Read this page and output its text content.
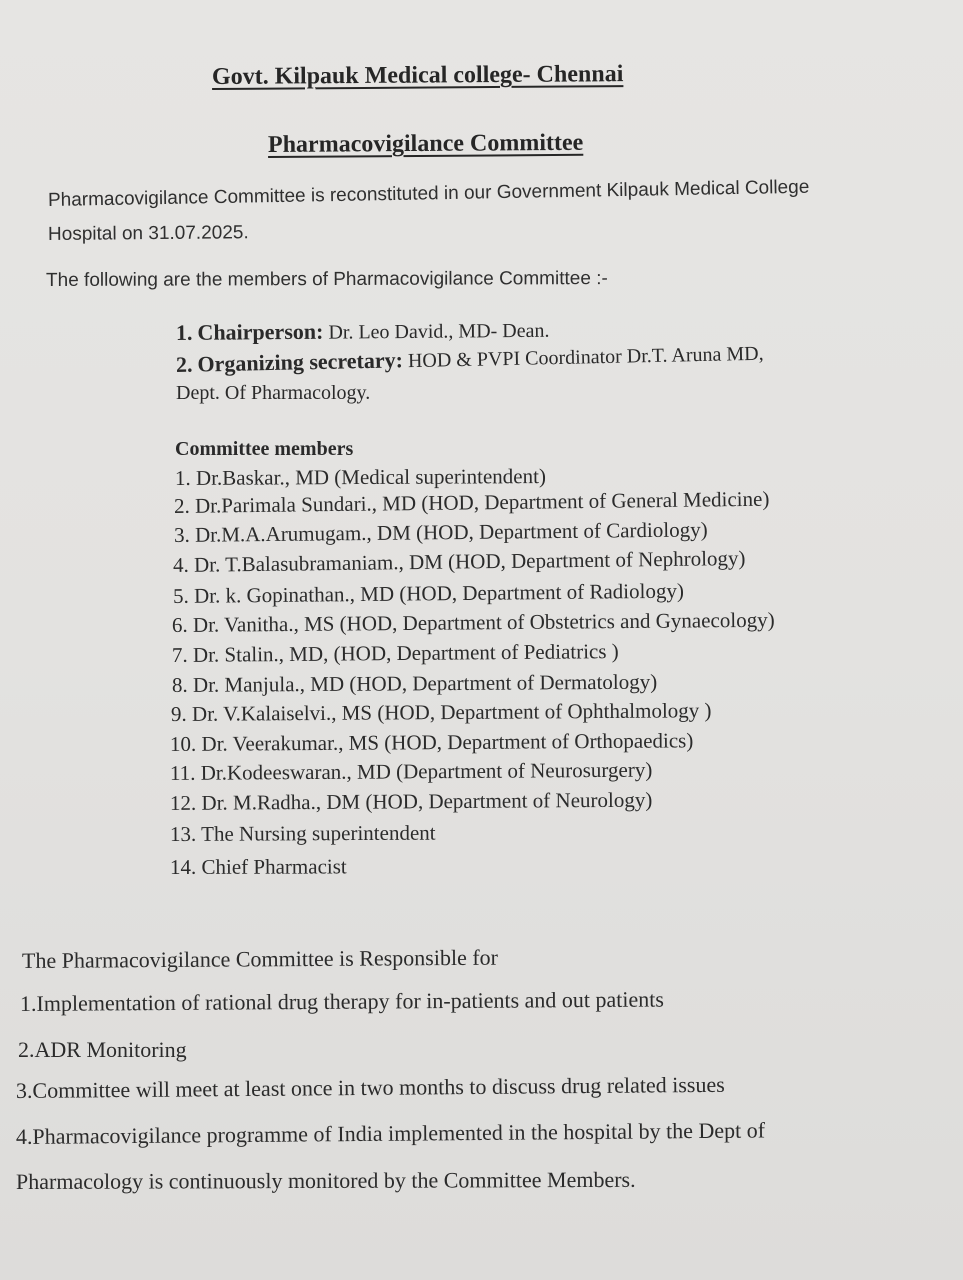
Govt. Kilpauk Medical college- Chennai
Pharmacovigilance Committee
Pharmacovigilance Committee is reconstituted in our Government Kilpauk Medical College
Hospital on 31.07.2025.
The following are the members of Pharmacovigilance Committee :-
1. Chairperson: Dr. Leo David., MD- Dean.
2. Organizing secretary: HOD & PVPI Coordinator Dr.T. Aruna MD,
Dept. Of Pharmacology.
Committee members
1. Dr.Baskar., MD (Medical superintendent)
2. Dr.Parimala Sundari., MD (HOD, Department of General Medicine)
3. Dr.M.A.Arumugam., DM (HOD, Department of Cardiology)
4. Dr. T.Balasubramaniam., DM (HOD, Department of Nephrology)
5. Dr. k. Gopinathan., MD (HOD, Department of Radiology)
6. Dr. Vanitha., MS (HOD, Department of Obstetrics and Gynaecology)
7. Dr. Stalin., MD, (HOD, Department of Pediatrics )
8. Dr. Manjula., MD (HOD, Department of Dermatology)
9. Dr. V.Kalaiselvi., MS (HOD, Department of Ophthalmology )
10. Dr. Veerakumar., MS (HOD, Department of Orthopaedics)
11. Dr.Kodeeswaran., MD (Department of Neurosurgery)
12. Dr. M.Radha., DM (HOD, Department of Neurology)
13. The Nursing superintendent
14. Chief Pharmacist
The Pharmacovigilance Committee is Responsible for
1.Implementation of rational drug therapy for in-patients and out patients
2.ADR Monitoring
3.Committee will meet at least once in two months to discuss drug related issues
4.Pharmacovigilance programme of India implemented in the hospital by the Dept of
Pharmacology is continuously monitored by the Committee Members.
